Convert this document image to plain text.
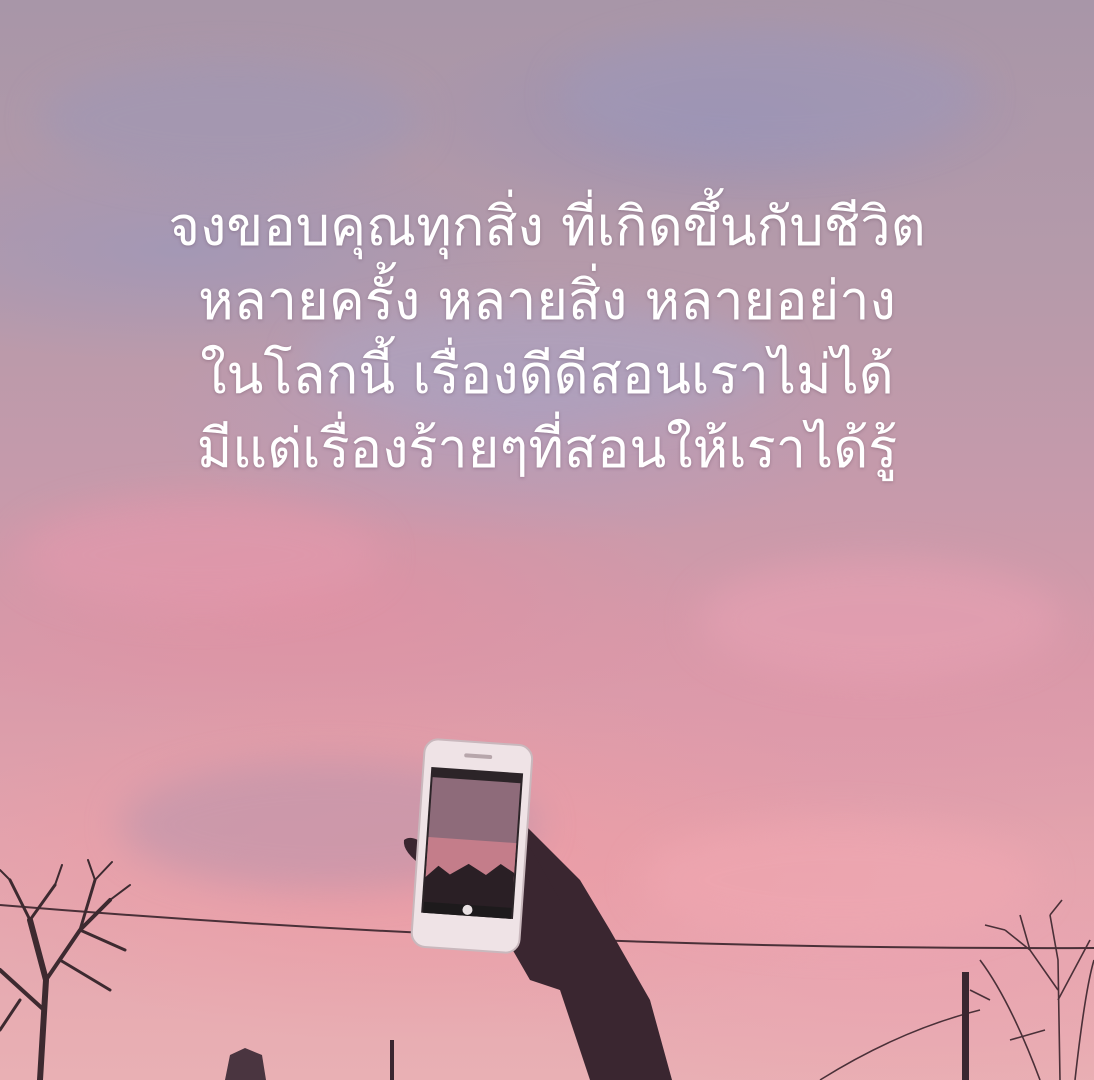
จงขอบคุณทุกสิ่ง ที่เกิดขึ้นกับชีวิต
หลายครั้ง หลายสิ่ง หลายอย่าง
ในโลกนี้ เรื่องดีดีสอนเราไม่ได้
มีแต่เรื่องร้ายๆที่สอนให้เราได้รู้
